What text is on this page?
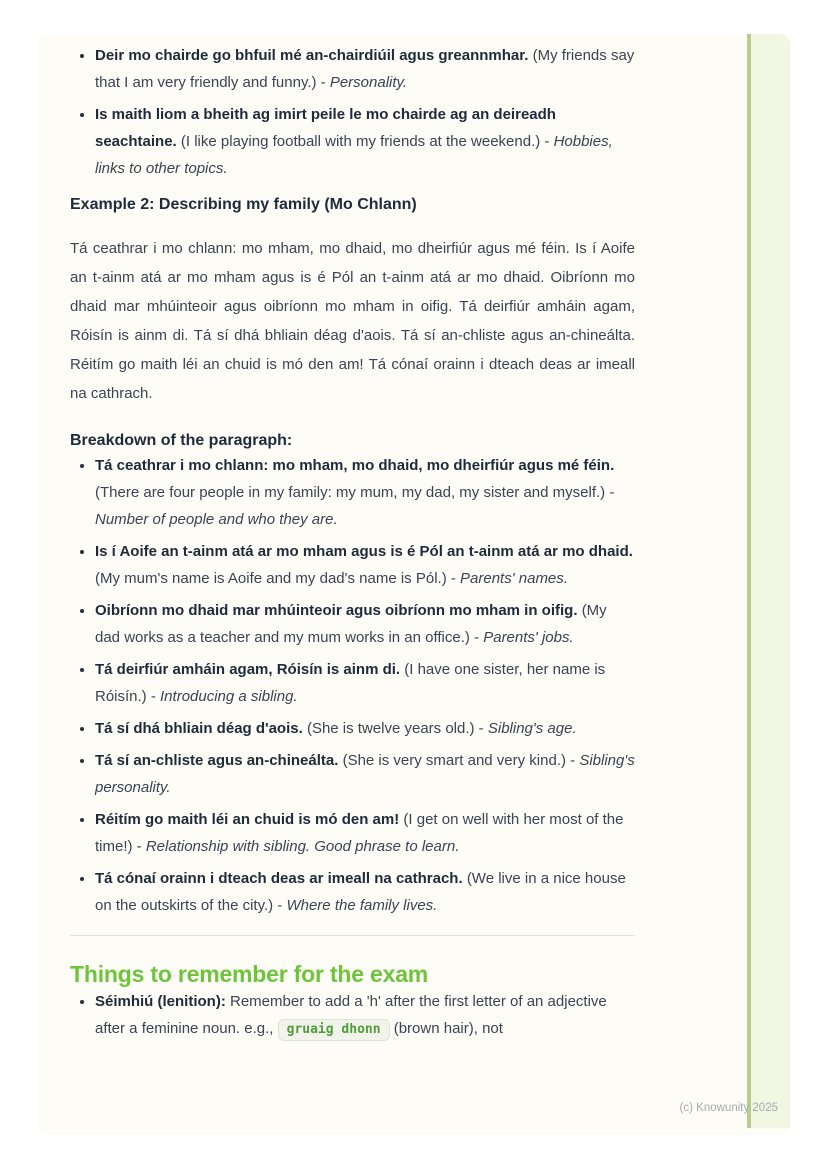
• Deir mo chairde go bhfuil mé an-chairdiúil agus greannmhar. (My friends say that I am very friendly and funny.) - Personality.
• Is maith liom a bheith ag imirt peile le mo chairde ag an deireadh seachtaine. (I like playing football with my friends at the weekend.) - Hobbies, links to other topics.
Example 2: Describing my family (Mo Chlann)

Tá ceathrar i mo chlann: mo mham, mo dhaid, mo dheirfiúr agus mé féin. Is í Aoife an t-ainm atá ar mo mham agus is é Pól an t-ainm atá ar mo dhaid. Oibríonn mo dhaid mar mhúinteoir agus oibríonn mo mham in oifig. Tá deirfiúr amháin agam, Róisín is ainm di. Tá sí dhá bhliain déag d'aois. Tá sí an-chliste agus an-chineálta. Réitím go maith léi an chuid is mó den am! Tá cónaí orainn i dteach deas ar imeall na cathrach.

Breakdown of the paragraph:
• Tá ceathrar i mo chlann: mo mham, mo dhaid, mo dheirfiúr agus mé féin. (There are four people in my family: my mum, my dad, my sister and myself.) - Number of people and who they are.
• Is í Aoife an t-ainm atá ar mo mham agus is é Pól an t-ainm atá ar mo dhaid. (My mum's name is Aoife and my dad's name is Pól.) - Parents' names.
• Oibríonn mo dhaid mar mhúinteoir agus oibríonn mo mham in oifig. (My dad works as a teacher and my mum works in an office.) - Parents' jobs.
• Tá deirfiúr amháin agam, Róisín is ainm di. (I have one sister, her name is Róisín.) - Introducing a sibling.
• Tá sí dhá bhliain déag d'aois. (She is twelve years old.) - Sibling's age.
• Tá sí an-chliste agus an-chineálta. (She is very smart and very kind.) - Sibling's personality.
• Réitím go maith léi an chuid is mó den am! (I get on well with her most of the time!) - Relationship with sibling. Good phrase to learn.
• Tá cónaí orainn i dteach deas ar imeall na cathrach. (We live in a nice house on the outskirts of the city.) - Where the family lives.
Things to remember for the exam
• Séimhiú (lenition): Remember to add a 'h' after the first letter of an adjective after a feminine noun. e.g., gruaig dhonn (brown hair), not
(c) Knowunity 2025
